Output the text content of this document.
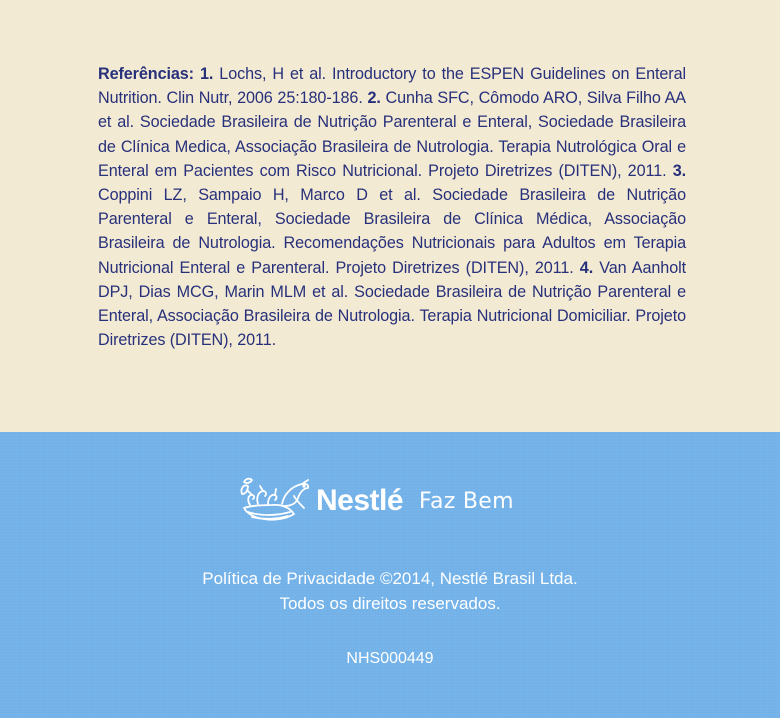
Referências: 1. Lochs, H et al. Introductory to the ESPEN Guidelines on Enteral Nutrition. Clin Nutr, 2006 25:180-186. 2. Cunha SFC, Cômodo ARO, Silva Filho AA et al. Sociedade Brasileira de Nutrição Parenteral e Enteral, Sociedade Brasileira de Clínica Medica, Associação Brasileira de Nutrologia. Terapia Nutrológica Oral e Enteral em Pacientes com Risco Nutricional. Projeto Diretrizes (DITEN), 2011. 3. Coppini LZ, Sampaio H, Marco D et al. Sociedade Brasileira de Nutrição Parenteral e Enteral, Sociedade Brasileira de Clínica Médica, Associação Brasileira de Nutrologia. Recomendações Nutricionais para Adultos em Terapia Nutricional Enteral e Parenteral. Projeto Diretrizes (DITEN), 2011. 4. Van Aanholt DPJ, Dias MCG, Marin MLM et al. Sociedade Brasileira de Nutrição Parenteral e Enteral, Associação Brasileira de Nutrologia. Terapia Nutricional Domiciliar. Projeto Diretrizes (DITEN), 2011.
Nestlé Faz Bem
Política de Privacidade ©2014, Nestlé Brasil Ltda.
Todos os direitos reservados.
NHS000449
